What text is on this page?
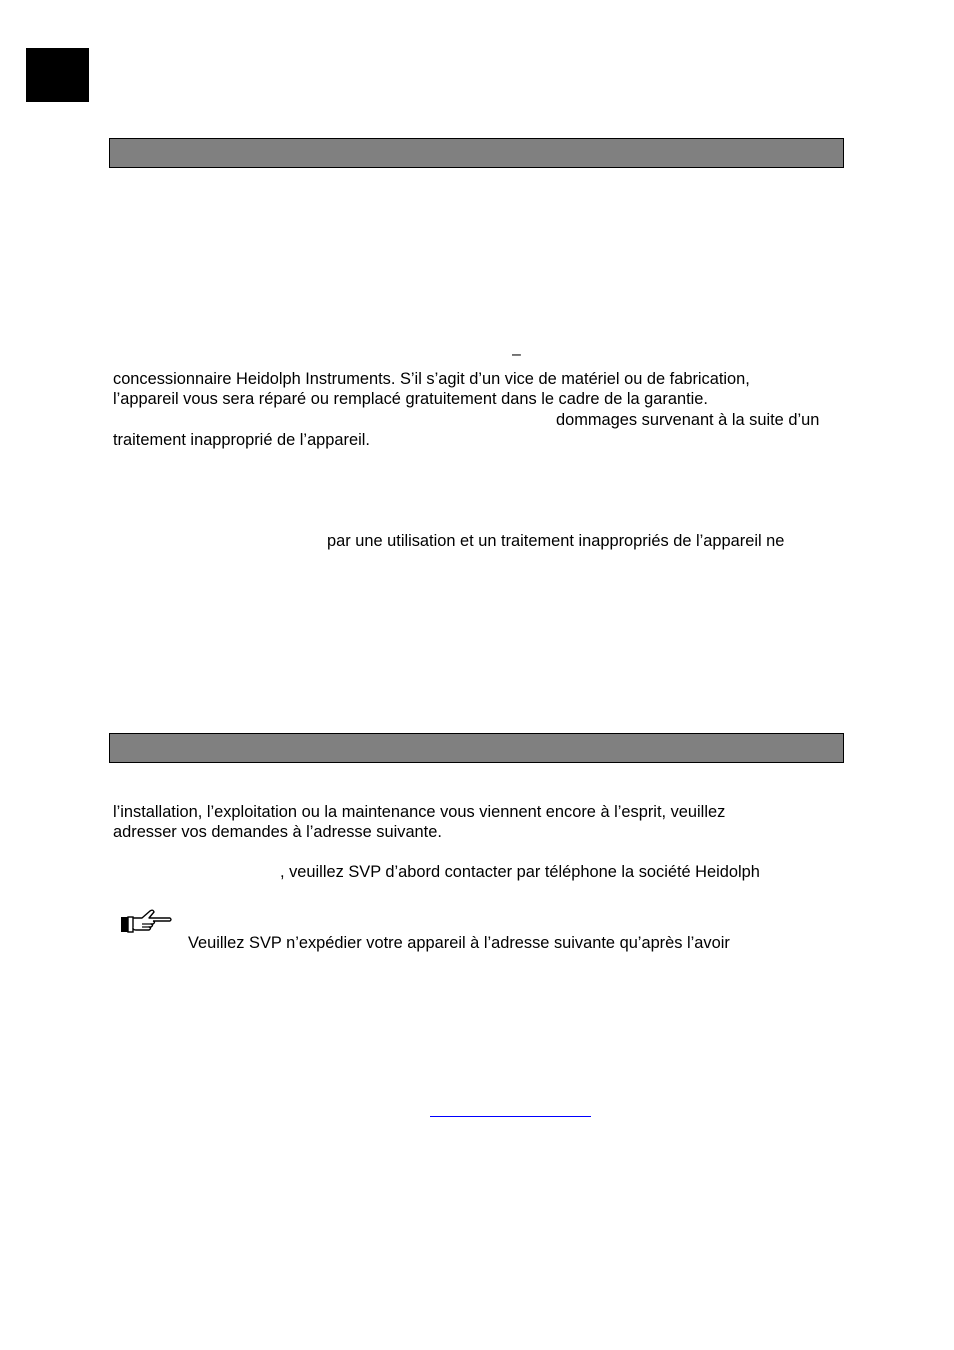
–
concessionnaire Heidolph Instruments. S’il s’agit d’un vice de matériel ou de fabrication,
l’appareil vous sera réparé ou remplacé gratuitement dans le cadre de la garantie.
dommages survenant à la suite d’un
traitement inapproprié de l’appareil.
par une utilisation et un traitement inappropriés de l’appareil ne
l’installation, l’exploitation ou la maintenance vous viennent encore à l’esprit, veuillez
adresser vos demandes à l’adresse suivante.
, veuillez SVP d’abord contacter par téléphone la société Heidolph
Veuillez SVP n’expédier votre appareil à l’adresse suivante qu’après l’avoir
